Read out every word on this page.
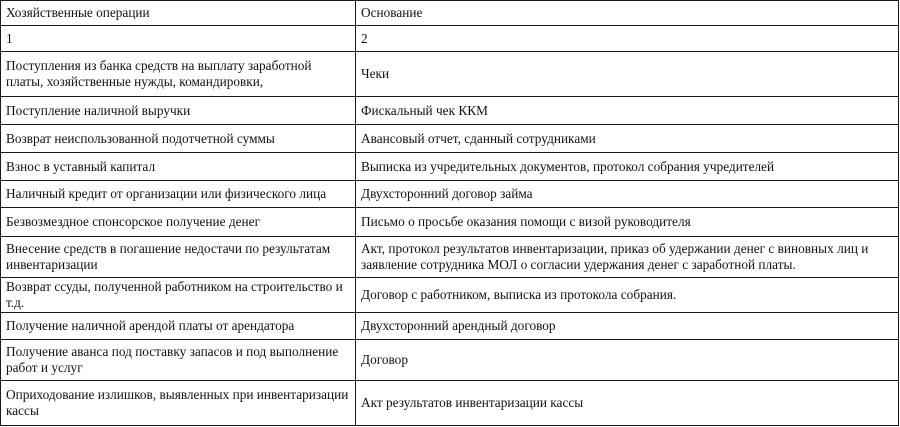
Хозяйственные операции	Основание
1	2
Поступления из банка средств на выплату заработной платы, хозяйственные нужды, командировки,	Чеки
Поступление наличной выручки	Фискальный чек ККМ
Возврат неиспользованной подотчетной суммы	Авансовый отчет, сданный сотрудниками
Взнос в уставный капитал	Выписка из учредительных документов, протокол собрания учредителей
Наличный кредит от организации или физического лица	Двухсторонний договор займа
Безвозмездное спонсорское получение денег	Письмо о просьбе оказания помощи с визой руководителя
Внесение средств в погашение недостачи по результатам инвентаризации	Акт, протокол результатов инвентаризации, приказ об удержании денег с виновных лиц и заявление сотрудника МОЛ о согласии удержания денег с заработной платы.
Возврат ссуды, полученной работником на строительство и т.д.	Договор с работником, выписка из протокола собрания.
Получение наличной арендой платы от арендатора	Двухсторонний арендный договор
Получение аванса под поставку запасов и под выполнение работ и услуг	Договор
Оприходование излишков, выявленных при инвентаризации кассы	Акт результатов инвентаризации кассы
